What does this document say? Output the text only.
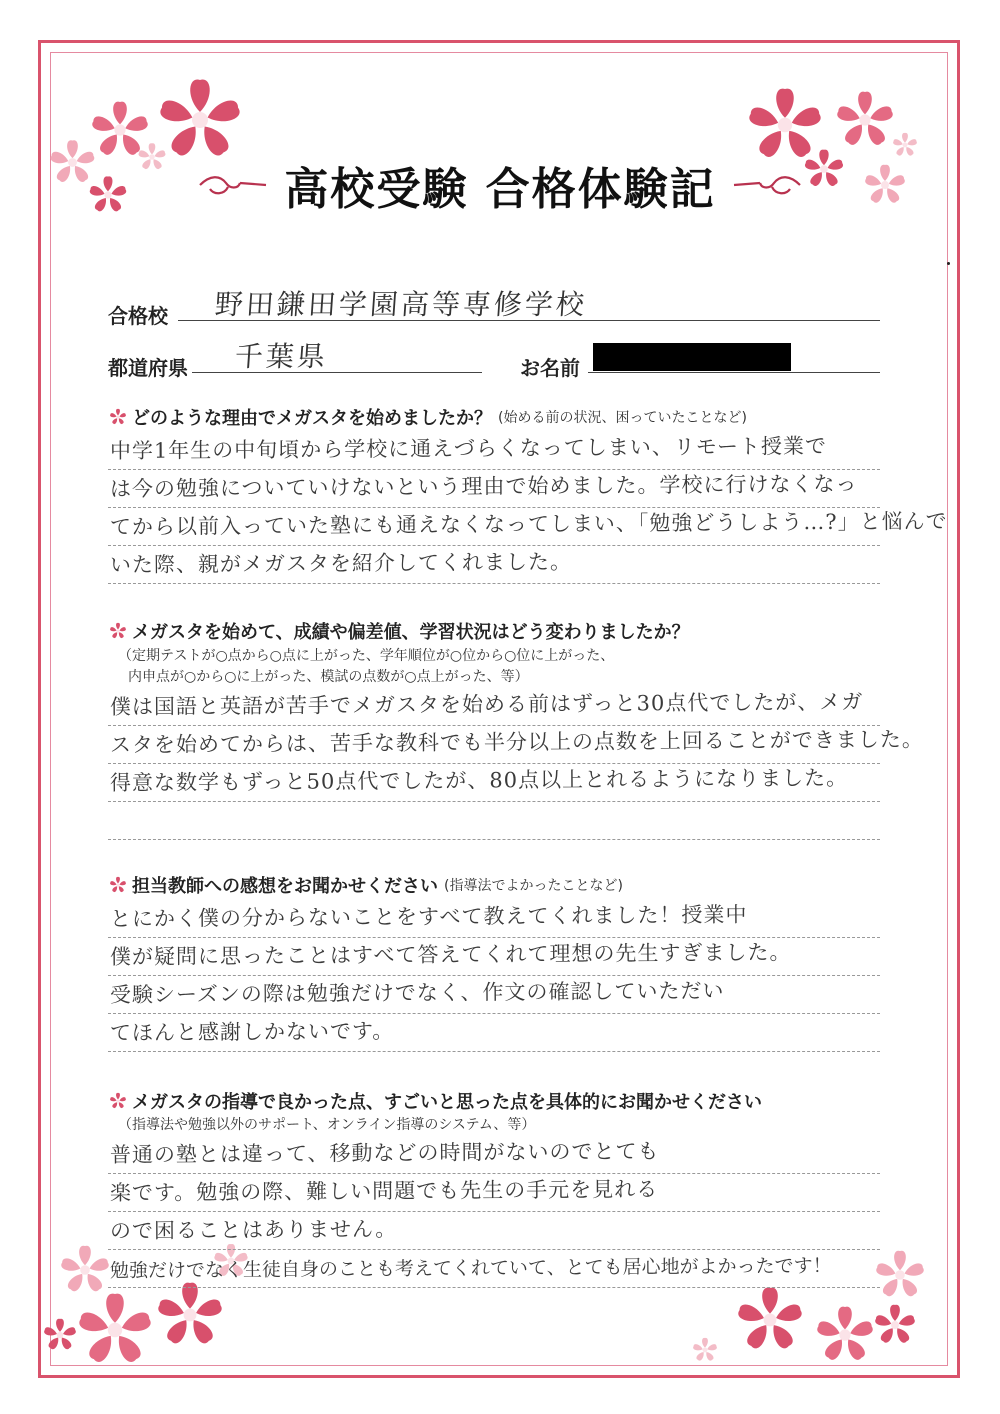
高校受験 合格体験記
合格校 野田鎌田学園高等専修学校
都道府県 千葉県	お名前
どのような理由でメガスタを始めましたか？ (始める前の状況、困っていたことなど)
中学1年生の中旬頃から学校に通えづらくなってしまい、リモート授業で
は今の勉強についていけないという理由で始めました。学校に行けなくなっ
てから以前入っていた塾にも通えなくなってしまい、「勉強どうしよう…?」と悩んで
いた際、親がメガスタを紹介してくれました。
メガスタを始めて、成績や偏差値、学習状況はどう変わりましたか？
（定期テストが○点から○点に上がった、学年順位が○位から○位に上がった、
内申点が○から○に上がった、模試の点数が○点上がった、等）
僕は国語と英語が苦手でメガスタを始める前はずっと30点代でしたが、メガ
スタを始めてからは、苦手な教科でも半分以上の点数を上回ることができました。
得意な数学もずっと50点代でしたが、80点以上とれるようになりました。
担当教師への感想をお聞かせください (指導法でよかったことなど)
とにかく僕の分からないことをすべて教えてくれました！授業中
僕が疑問に思ったことはすべて答えてくれて理想の先生すぎました。
受験シーズンの際は勉強だけでなく、作文の確認していただい
てほんと感謝しかないです。
メガスタの指導で良かった点、すごいと思った点を具体的にお聞かせください
（指導法や勉強以外のサポート、オンライン指導のシステム、等）
普通の塾とは違って、移動などの時間がないのでとても
楽です。勉強の際、難しい問題でも先生の手元を見れる
ので困ることはありません。
勉強だけでなく生徒自身のことも考えてくれていて、とても居心地がよかったです！
